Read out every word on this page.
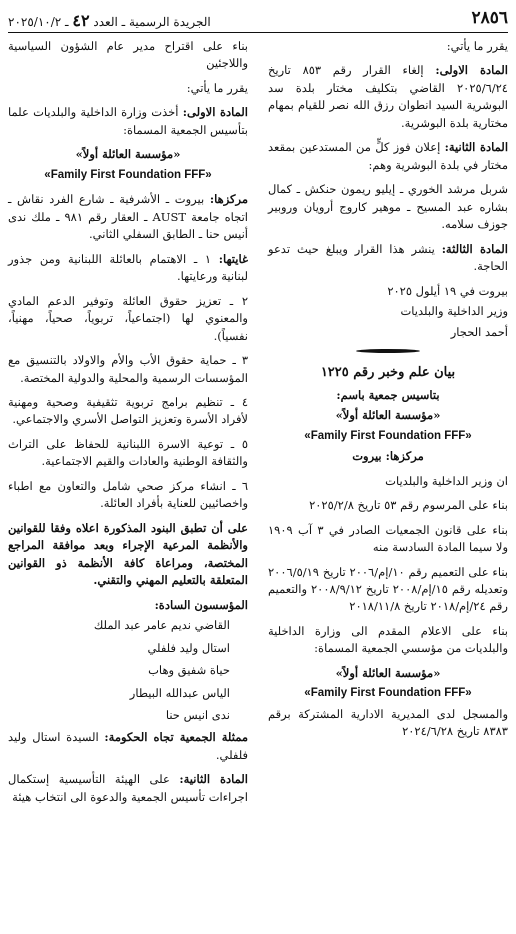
٢٨٥٦
الجريدة الرسمية ـ العدد ٤٢ ـ ٢٠٢٥/١٠/٢

يقرر ما يأتي:

المادة الاولى: إلغاء القرار رقم ٨٥٣ تاريخ ٢٠٢٥/٦/٢٤ القاضي بتكليف مختار بلدة سد البوشرية السيد انطوان رزق الله نصر للقيام بمهام مختارية بلدة البوشرية.

المادة الثانية: إعلان فوز كلٍّ من المستدعين بمقعد مختار في بلدة البوشرية وهم:

شربل مرشد الخوري ـ إيليو ريمون حنكش ـ كمال بشاره عبد المسيح ـ موهير كاروج أرويان وروبير جوزف سلامه.

المادة الثالثة: ينشر هذا القرار ويبلغ حيث تدعو الحاجة.

بيروت في ١٩ أيلول ٢٠٢٥

وزير الداخلية والبلديات

أحمد الحجار

بيان علم وخبر رقم ١٢٢٥

بتاسيس جمعية باسم:

«مؤسسة العائلة أولاً»

«Family First Foundation FFF»

مركزها: بيروت

ان وزير الداخلية والبلديات

بناء على المرسوم رقم ٥٣ تاريخ ٢٠٢٥/٢/٨

بناء على قانون الجمعيات الصادر في ٣ آب ١٩٠٩ ولا سيما المادة السادسة منه

بناء على التعميم رقم ١٠/إم/٢٠٠٦ تاريخ ٢٠٠٦/٥/١٩ وتعديله رقم ١٥/إم/٢٠٠٨ تاريخ ٢٠٠٨/٩/١٢ والتعميم رقم ٢٤/إم/٢٠١٨ تاريخ ٢٠١٨/١١/٨

بناء على الاعلام المقدم الى وزارة الداخلية والبلديات من مؤسسي الجمعية المسماة:

«مؤسسة العائلة أولاً»

«Family First Foundation FFF»

والمسجل لدى المديرية الادارية المشتركة برقم ٨٣٨٣ تاريخ ٢٠٢٤/٦/٢٨

بناء على اقتراح مدير عام الشؤون السياسية واللاجئين

يقرر ما يأتي:

المادة الاولى: أخذت وزارة الداخلية والبلديات علما بتأسيس الجمعية المسماة:

«مؤسسة العائلة أولاً»

«Family First Foundation FFF»

مركزها: بيروت ـ الأشرفية ـ شارع الفرد نقاش ـ اتجاه جامعة AUST ـ العقار رقم ٩٨١ ـ ملك ندى أنيس حنا ـ الطابق السفلي الثاني.

غايتها: ١ ـ الاهتمام بالعائلة اللبنانية ومن جذور لبنانية ورعايتها.

٢ ـ تعزيز حقوق العائلة وتوفير الدعم المادي والمعنوي لها (اجتماعياً، تربوياً، صحياً، مهنياً، نفسياً).

٣ ـ حماية حقوق الأب والأم والاولاد بالتنسيق مع المؤسسات الرسمية والمحلية والدولية المختصة.

٤ ـ تنظيم برامج تربوية تثقيفية وصحية ومهنية لأفراد الأسرة وتعزيز التواصل الأسري والاجتماعي.

٥ ـ توعية الاسرة اللبنانية للحفاظ على التراث والثقافة الوطنية والعادات والقيم الاجتماعية.

٦ ـ انشاء مركز صحي شامل والتعاون مع اطباء واخصائيين للعناية بأفراد العائلة.

على أن تطبق البنود المذكورة اعلاه وفقا للقوانين والأنظمة المرعية الإجراء وبعد موافقة المراجع المختصة، ومراعاة كافة الأنظمة ذو القوانين المتعلقة بالتعليم المهني والتقني.

المؤسسون السادة:

القاضي نديم عامر عبد الملك
استال وليد فلفلي
حياة شفيق وهاب
الياس عبدالله البيطار
ندى انيس حنا

ممثلة الجمعية تجاه الحكومة: السيدة استال وليد فلفلي.

المادة الثانية: على الهيئة التأسيسية إستكمال اجراءات تأسيس الجمعية والدعوة الى انتخاب هيئة
